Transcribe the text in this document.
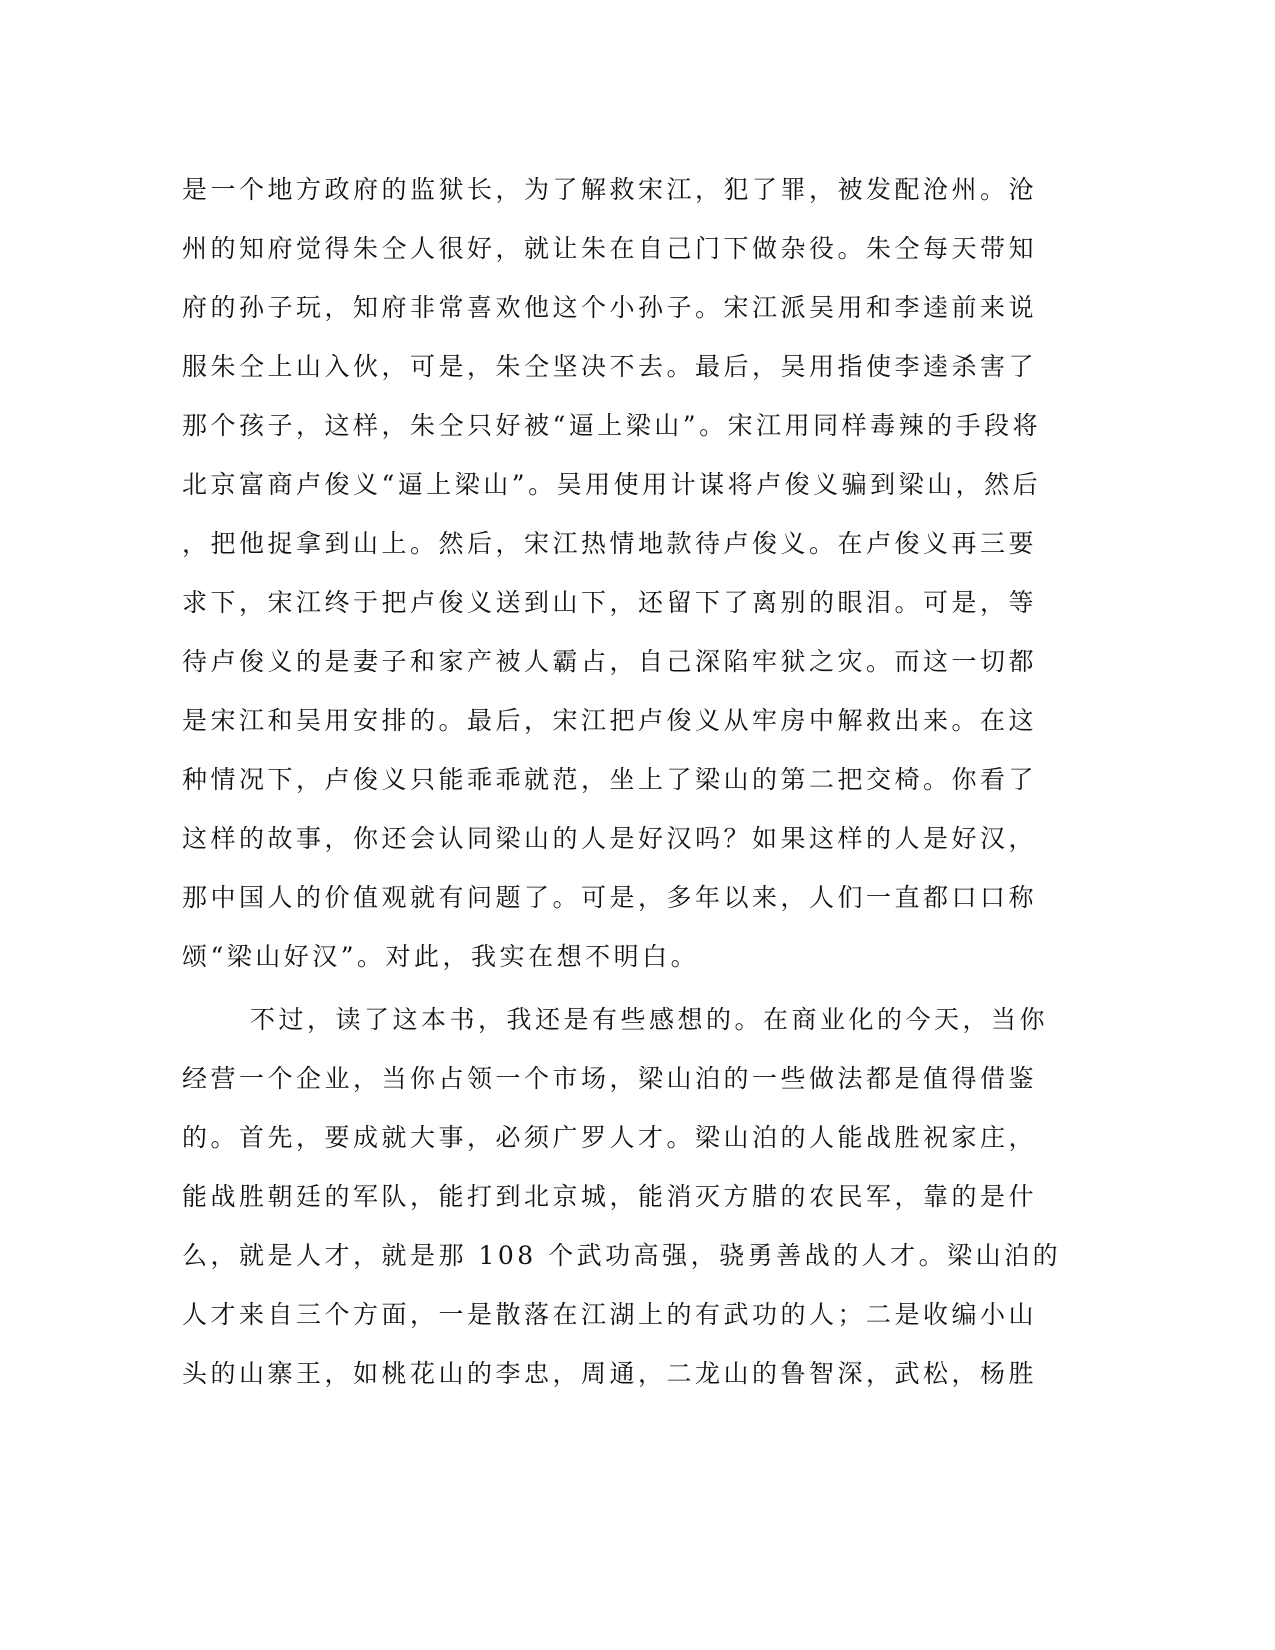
是一个地方政府的监狱长，为了解救宋江，犯了罪，被发配沧州。沧
州的知府觉得朱仝人很好，就让朱在自己门下做杂役。朱仝每天带知
府的孙子玩，知府非常喜欢他这个小孙子。宋江派吴用和李逵前来说
服朱仝上山入伙，可是，朱仝坚决不去。最后，吴用指使李逵杀害了
那个孩子，这样，朱仝只好被“逼上梁山”。宋江用同样毒辣的手段将
北京富商卢俊义“逼上梁山”。吴用使用计谋将卢俊义骗到梁山，然后
，把他捉拿到山上。然后，宋江热情地款待卢俊义。在卢俊义再三要
求下，宋江终于把卢俊义送到山下，还留下了离别的眼泪。可是，等
待卢俊义的是妻子和家产被人霸占，自己深陷牢狱之灾。而这一切都
是宋江和吴用安排的。最后，宋江把卢俊义从牢房中解救出来。在这
种情况下，卢俊义只能乖乖就范，坐上了梁山的第二把交椅。你看了
这样的故事，你还会认同梁山的人是好汉吗？如果这样的人是好汉，
那中国人的价值观就有问题了。可是，多年以来，人们一直都口口称
颂“梁山好汉”。对此，我实在想不明白。
不过，读了这本书，我还是有些感想的。在商业化的今天，当你
经营一个企业，当你占领一个市场，梁山泊的一些做法都是值得借鉴
的。首先，要成就大事，必须广罗人才。梁山泊的人能战胜祝家庄，
能战胜朝廷的军队，能打到北京城，能消灭方腊的农民军，靠的是什
么，就是人才，就是那 108 个武功高强，骁勇善战的人才。梁山泊的
人才来自三个方面，一是散落在江湖上的有武功的人；二是收编小山
头的山寨王，如桃花山的李忠，周通，二龙山的鲁智深，武松，杨胜
